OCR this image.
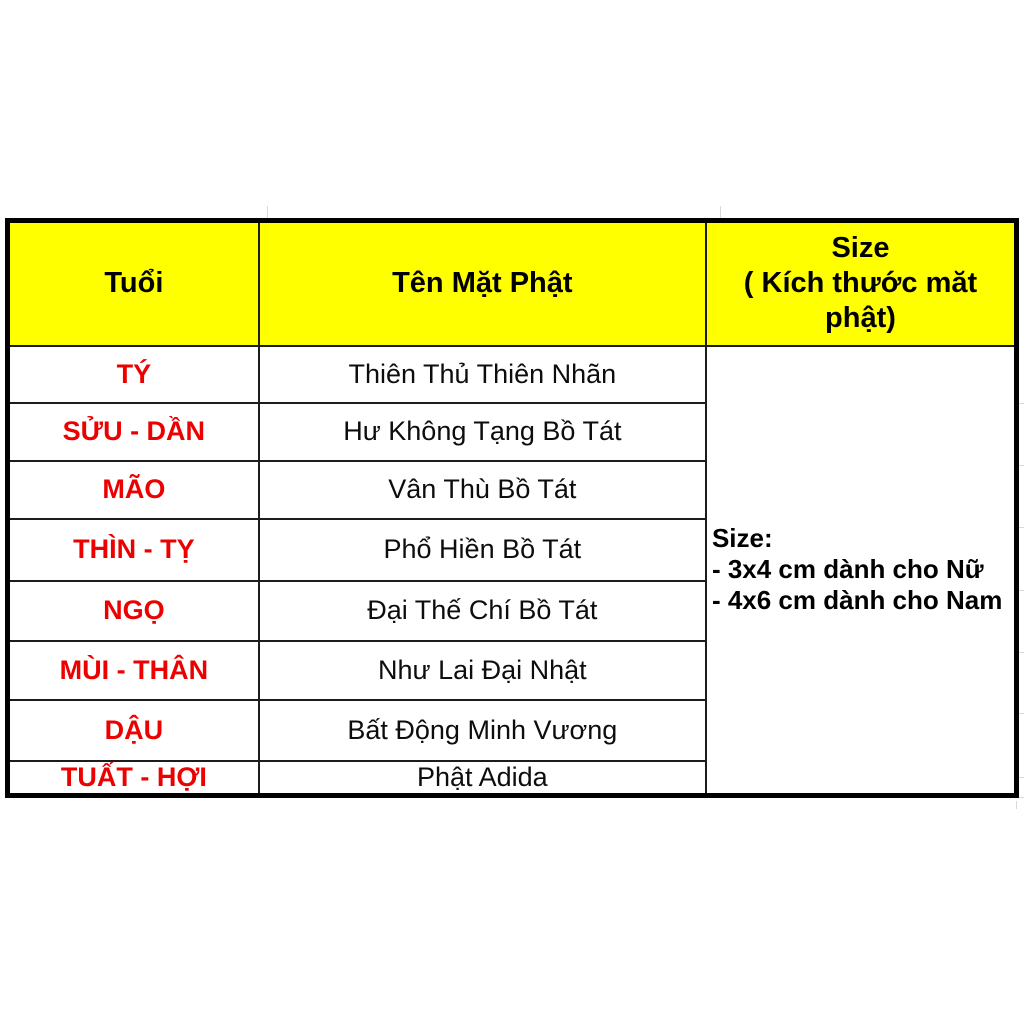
Tuổi	Tên Mặt Phật	Size
( Kích thước măt phật)

TÝ	Thiên Thủ Thiên Nhãn	Size:
- 3x4 cm dành cho Nữ
- 4x6 cm dành cho Nam

SỬU - DẦN	Hư Không Tạng Bồ Tát	
MÃO	Vân Thù Bồ Tát	
THÌN - TỴ	Phổ Hiền Bồ Tát	
NGỌ	Đại Thế Chí Bồ Tát	
MÙI - THÂN	Như Lai Đại Nhật	
DẬU	Bất Động Minh Vương	
TUẤT - HỢI	Phật Adida	
